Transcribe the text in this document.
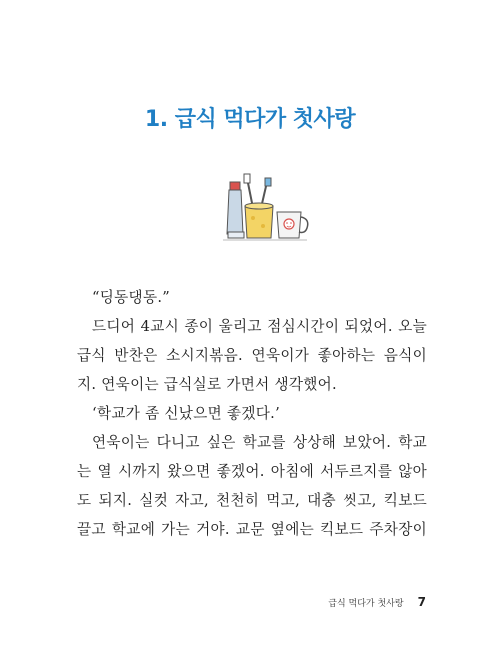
1. 급식 먹다가 첫사랑

“딩동댕동.”

드디어 4교시 종이 울리고 점심시간이 되었어. 오늘

급식 반찬은 소시지볶음. 연욱이가 좋아하는 음식이

지. 연욱이는 급식실로 가면서 생각했어.

‘학교가 좀 신났으면 좋겠다.’

연욱이는 다니고 싶은 학교를 상상해 보았어. 학교

는 열 시까지 왔으면 좋겠어. 아침에 서두르지를 않아

도 되지. 실컷 자고, 천천히 먹고, 대충 씻고, 킥보드

끌고 학교에 가는 거야. 교문 옆에는 킥보드 주차장이

급식 먹다가 첫사랑 7
